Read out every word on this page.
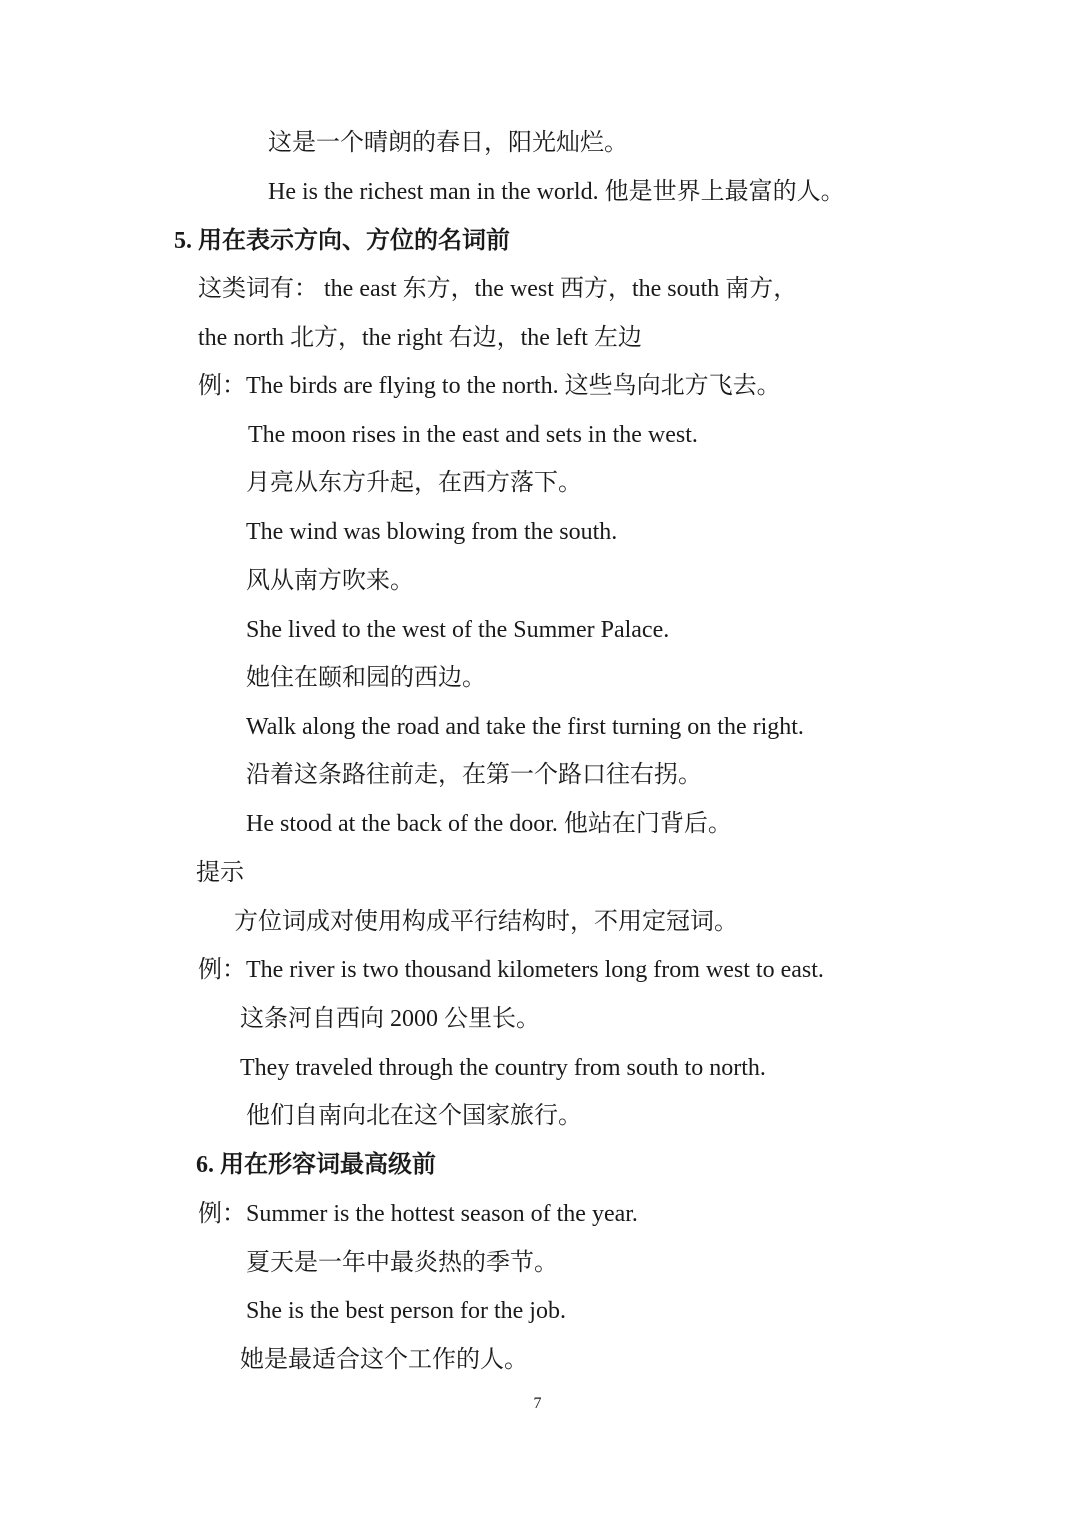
这是一个晴朗的春日，阳光灿烂。

He is the richest man in the world. 他是世界上最富的人。

5. 用在表示方向、方位的名词前

这类词有： the east 东方，the west 西方，the south 南方，

the north 北方，the right 右边，the left 左边

例：The birds are flying to the north. 这些鸟向北方飞去。

The moon rises in the east and sets in the west.

月亮从东方升起，在西方落下。

The wind was blowing from the south.

风从南方吹来。

She lived to the west of the Summer Palace.

她住在颐和园的西边。

Walk along the road and take the first turning on the right.

沿着这条路往前走，在第一个路口往右拐。

He stood at the back of the door. 他站在门背后。

提示

方位词成对使用构成平行结构时，不用定冠词。

例：The river is two thousand kilometers long from west to east.

这条河自西向 2000 公里长。

They traveled through the country from south to north.

他们自南向北在这个国家旅行。

6. 用在形容词最高级前

例：Summer is the hottest season of the year.

夏天是一年中最炎热的季节。

She is the best person for the job.

她是最适合这个工作的人。

7
